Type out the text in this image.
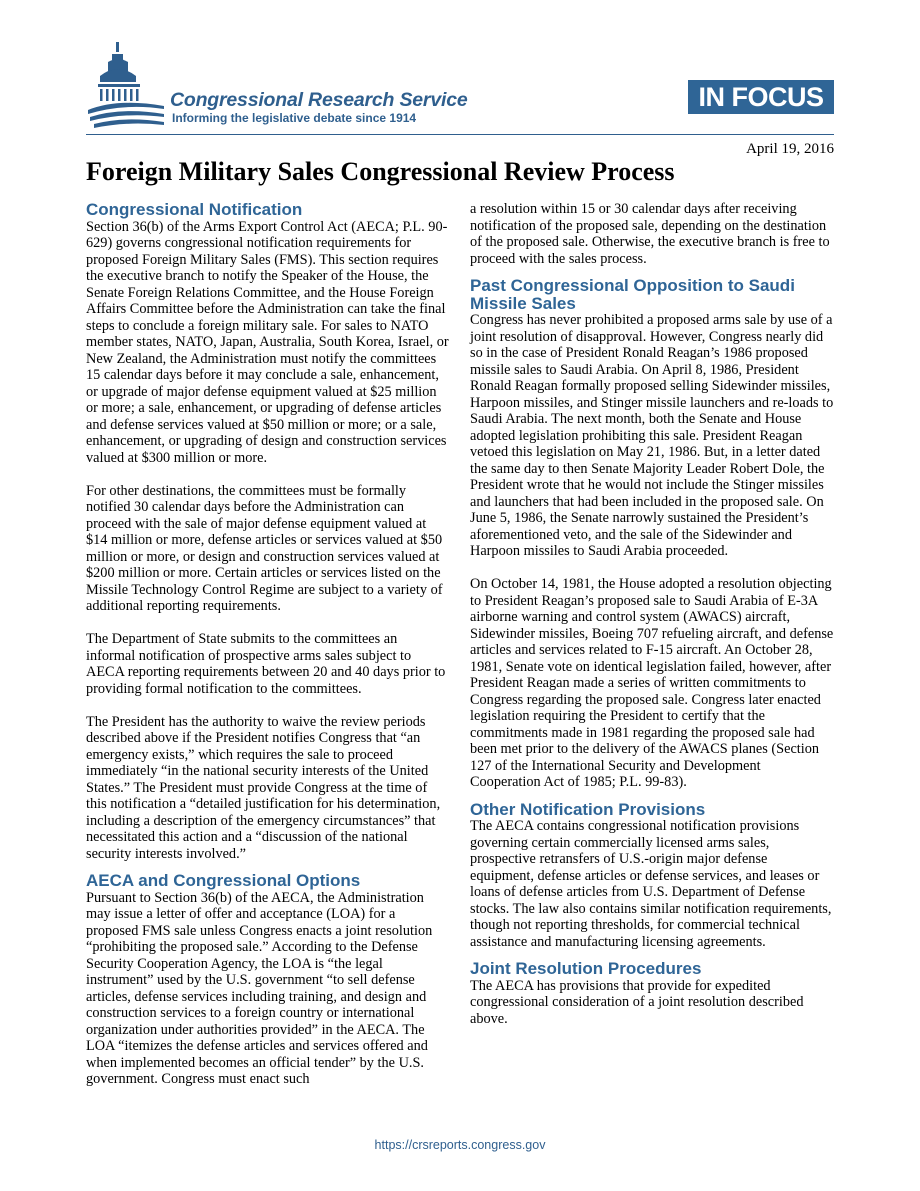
Congressional Research Service
Informing the legislative debate since 1914
IN FOCUS
April 19, 2016
Foreign Military Sales Congressional Review Process
Congressional Notification

Section 36(b) of the Arms Export Control Act (AECA; P.L. 90-629) governs congressional notification requirements for proposed Foreign Military Sales (FMS). This section requires the executive branch to notify the Speaker of the House, the Senate Foreign Relations Committee, and the House Foreign Affairs Committee before the Administration can take the final steps to conclude a foreign military sale. For sales to NATO member states, NATO, Japan, Australia, South Korea, Israel, or New Zealand, the Administration must notify the committees 15 calendar days before it may conclude a sale, enhancement, or upgrade of major defense equipment valued at $25 million or more; a sale, enhancement, or upgrading of defense articles and defense services valued at $50 million or more; or a sale, enhancement, or upgrading of design and construction services valued at $300 million or more.

For other destinations, the committees must be formally notified 30 calendar days before the Administration can proceed with the sale of major defense equipment valued at $14 million or more, defense articles or services valued at $50 million or more, or design and construction services valued at $200 million or more. Certain articles or services listed on the Missile Technology Control Regime are subject to a variety of additional reporting requirements.

The Department of State submits to the committees an informal notification of prospective arms sales subject to AECA reporting requirements between 20 and 40 days prior to providing formal notification to the committees.

The President has the authority to waive the review periods described above if the President notifies Congress that “an emergency exists,” which requires the sale to proceed immediately “in the national security interests of the United States.” The President must provide Congress at the time of this notification a “detailed justification for his determination, including a description of the emergency circumstances” that necessitated this action and a “discussion of the national security interests involved.”

AECA and Congressional Options

Pursuant to Section 36(b) of the AECA, the Administration may issue a letter of offer and acceptance (LOA) for a proposed FMS sale unless Congress enacts a joint resolution “prohibiting the proposed sale.” According to the Defense Security Cooperation Agency, the LOA is “the legal instrument” used by the U.S. government “to sell defense articles, defense services including training, and design and construction services to a foreign country or international organization under authorities provided” in the AECA. The LOA “itemizes the defense articles and services offered and when implemented becomes an official tender” by the U.S. government. Congress must enact such

a resolution within 15 or 30 calendar days after receiving notification of the proposed sale, depending on the destination of the proposed sale. Otherwise, the executive branch is free to proceed with the sales process.

Past Congressional Opposition to Saudi Missile Sales

Congress has never prohibited a proposed arms sale by use of a joint resolution of disapproval. However, Congress nearly did so in the case of President Ronald Reagan’s 1986 proposed missile sales to Saudi Arabia. On April 8, 1986, President Ronald Reagan formally proposed selling Sidewinder missiles, Harpoon missiles, and Stinger missile launchers and re-loads to Saudi Arabia. The next month, both the Senate and House adopted legislation prohibiting this sale. President Reagan vetoed this legislation on May 21, 1986. But, in a letter dated the same day to then Senate Majority Leader Robert Dole, the President wrote that he would not include the Stinger missiles and launchers that had been included in the proposed sale. On June 5, 1986, the Senate narrowly sustained the President’s aforementioned veto, and the sale of the Sidewinder and Harpoon missiles to Saudi Arabia proceeded.

On October 14, 1981, the House adopted a resolution objecting to President Reagan’s proposed sale to Saudi Arabia of E-3A airborne warning and control system (AWACS) aircraft, Sidewinder missiles, Boeing 707 refueling aircraft, and defense articles and services related to F-15 aircraft. An October 28, 1981, Senate vote on identical legislation failed, however, after President Reagan made a series of written commitments to Congress regarding the proposed sale. Congress later enacted legislation requiring the President to certify that the commitments made in 1981 regarding the proposed sale had been met prior to the delivery of the AWACS planes (Section 127 of the International Security and Development Cooperation Act of 1985; P.L. 99-83).

Other Notification Provisions

The AECA contains congressional notification provisions governing certain commercially licensed arms sales, prospective retransfers of U.S.-origin major defense equipment, defense articles or defense services, and leases or loans of defense articles from U.S. Department of Defense stocks. The law also contains similar notification requirements, though not reporting thresholds, for commercial technical assistance and manufacturing licensing agreements.

Joint Resolution Procedures

The AECA has provisions that provide for expedited congressional consideration of a joint resolution described above.

https://crsreports.congress.gov
